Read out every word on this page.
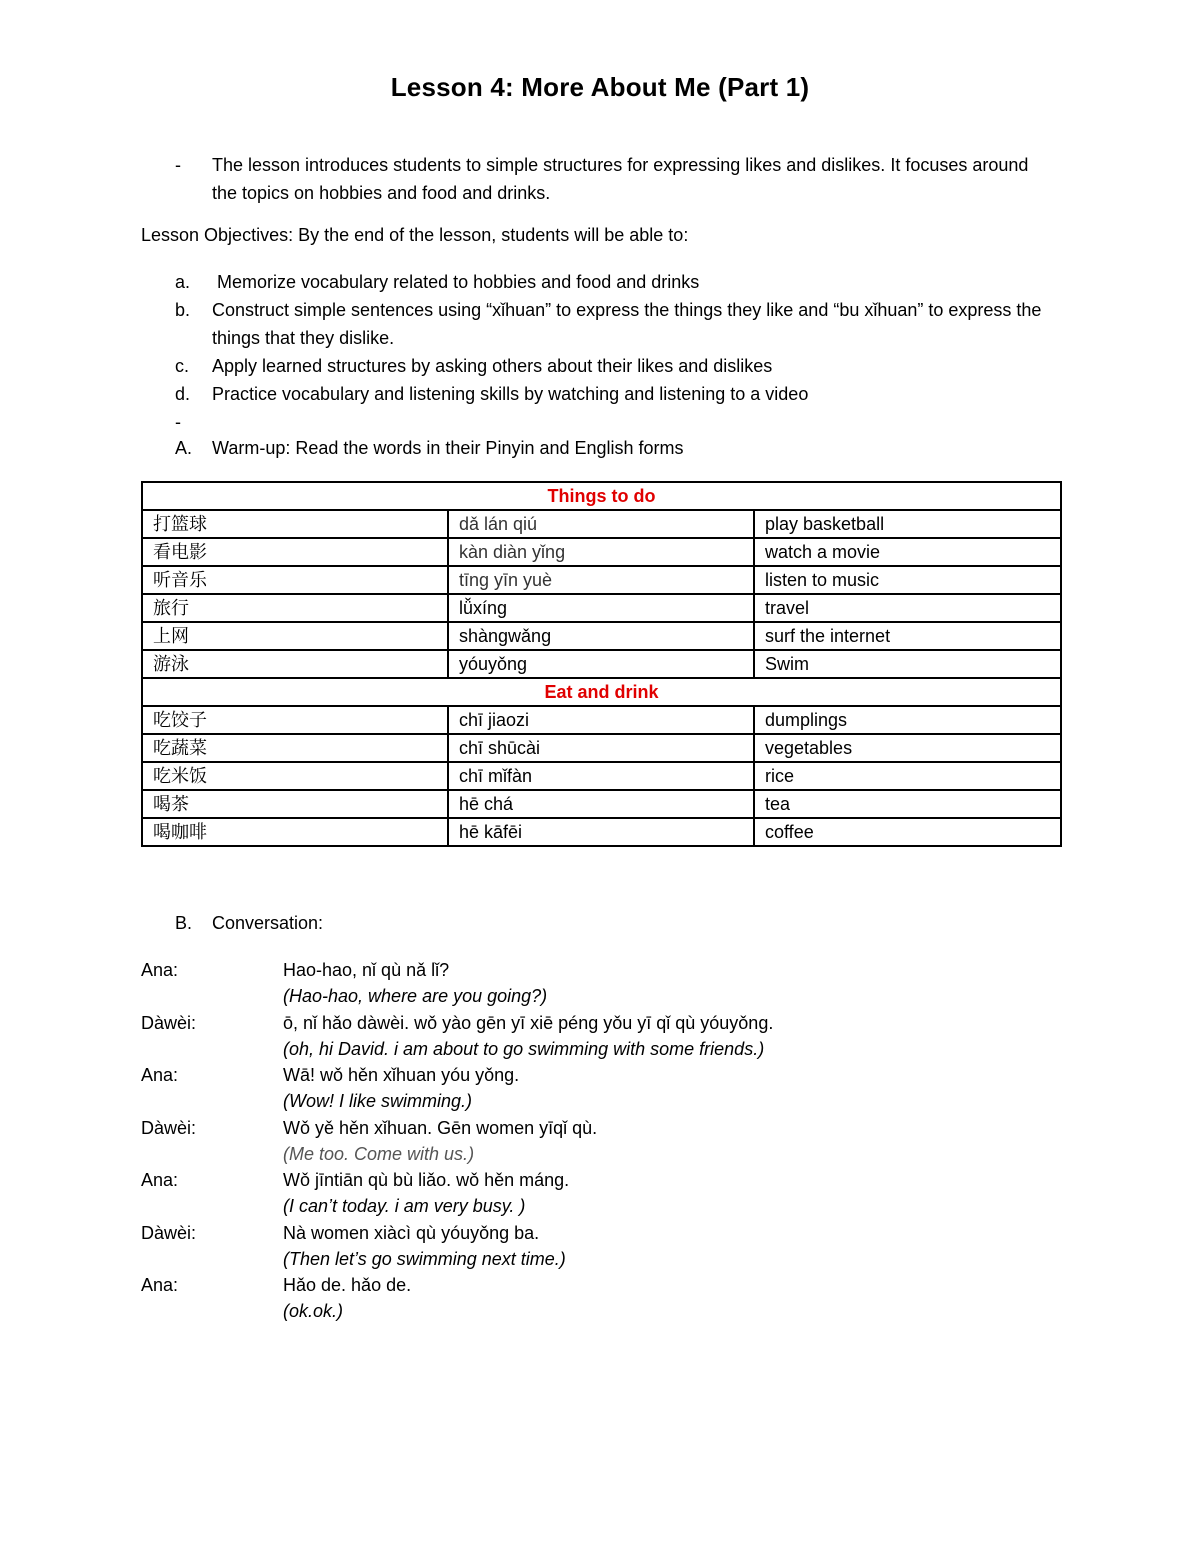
Lesson 4: More About Me (Part 1)
- The lesson introduces students to simple structures for expressing likes and dislikes. It focuses around the topics on hobbies and food and drinks.
Lesson Objectives: By the end of the lesson, students will be able to:
a.	Memorize vocabulary related to hobbies and food and drinks
b.	Construct simple sentences using “xǐhuan” to express the things they like and “bu xǐhuan” to express the things that they dislike.
c.	Apply learned structures by asking others about their likes and dislikes
d.	Practice vocabulary and listening skills by watching and listening to a video
-
A. Warm-up: Read the words in their Pinyin and English forms
Things to do		
打篮球	dǎ lán qiú	play basketball
看电影	kàn diàn yǐng	watch a movie
听音乐	tīng yīn yuè	listen to music
旅行	lǚxíng	travel
上网	shàngwǎng	surf the internet
游泳	yóuyǒng	Swim
Eat and drink		
吃饺子	chī jiaozi	dumplings
吃蔬菜	chī shūcài	vegetables
吃米饭	chī mǐfàn	rice
喝茶	hē chá	tea
喝咖啡	hē kāfēi	coffee
B. Conversation:
Ana:	Hao-hao, nǐ qù nǎ lǐ?
(Hao-hao, where are you going?)
Dàwèi:	ō, nǐ hǎo dàwèi. wǒ yào gēn yī xiē péng yǒu yī qǐ qù yóuyǒng.
(oh, hi David. i am about to go swimming with some friends.)
Ana:	Wā! wǒ hěn xǐhuan yóu yǒng.
(Wow! I like swimming.)
Dàwèi:	Wǒ yě hěn xǐhuan. Gēn women yīqǐ qù.
(Me too. Come with us.)
Ana:	Wǒ jīntiān qù bù liǎo. wǒ hěn máng.
(I can’t today. i am very busy. )
Dàwèi:	Nà women xiàcì qù yóuyǒng ba.
(Then let’s go swimming next time.)
Ana:	Hǎo de. hǎo de.
(ok.ok.)
